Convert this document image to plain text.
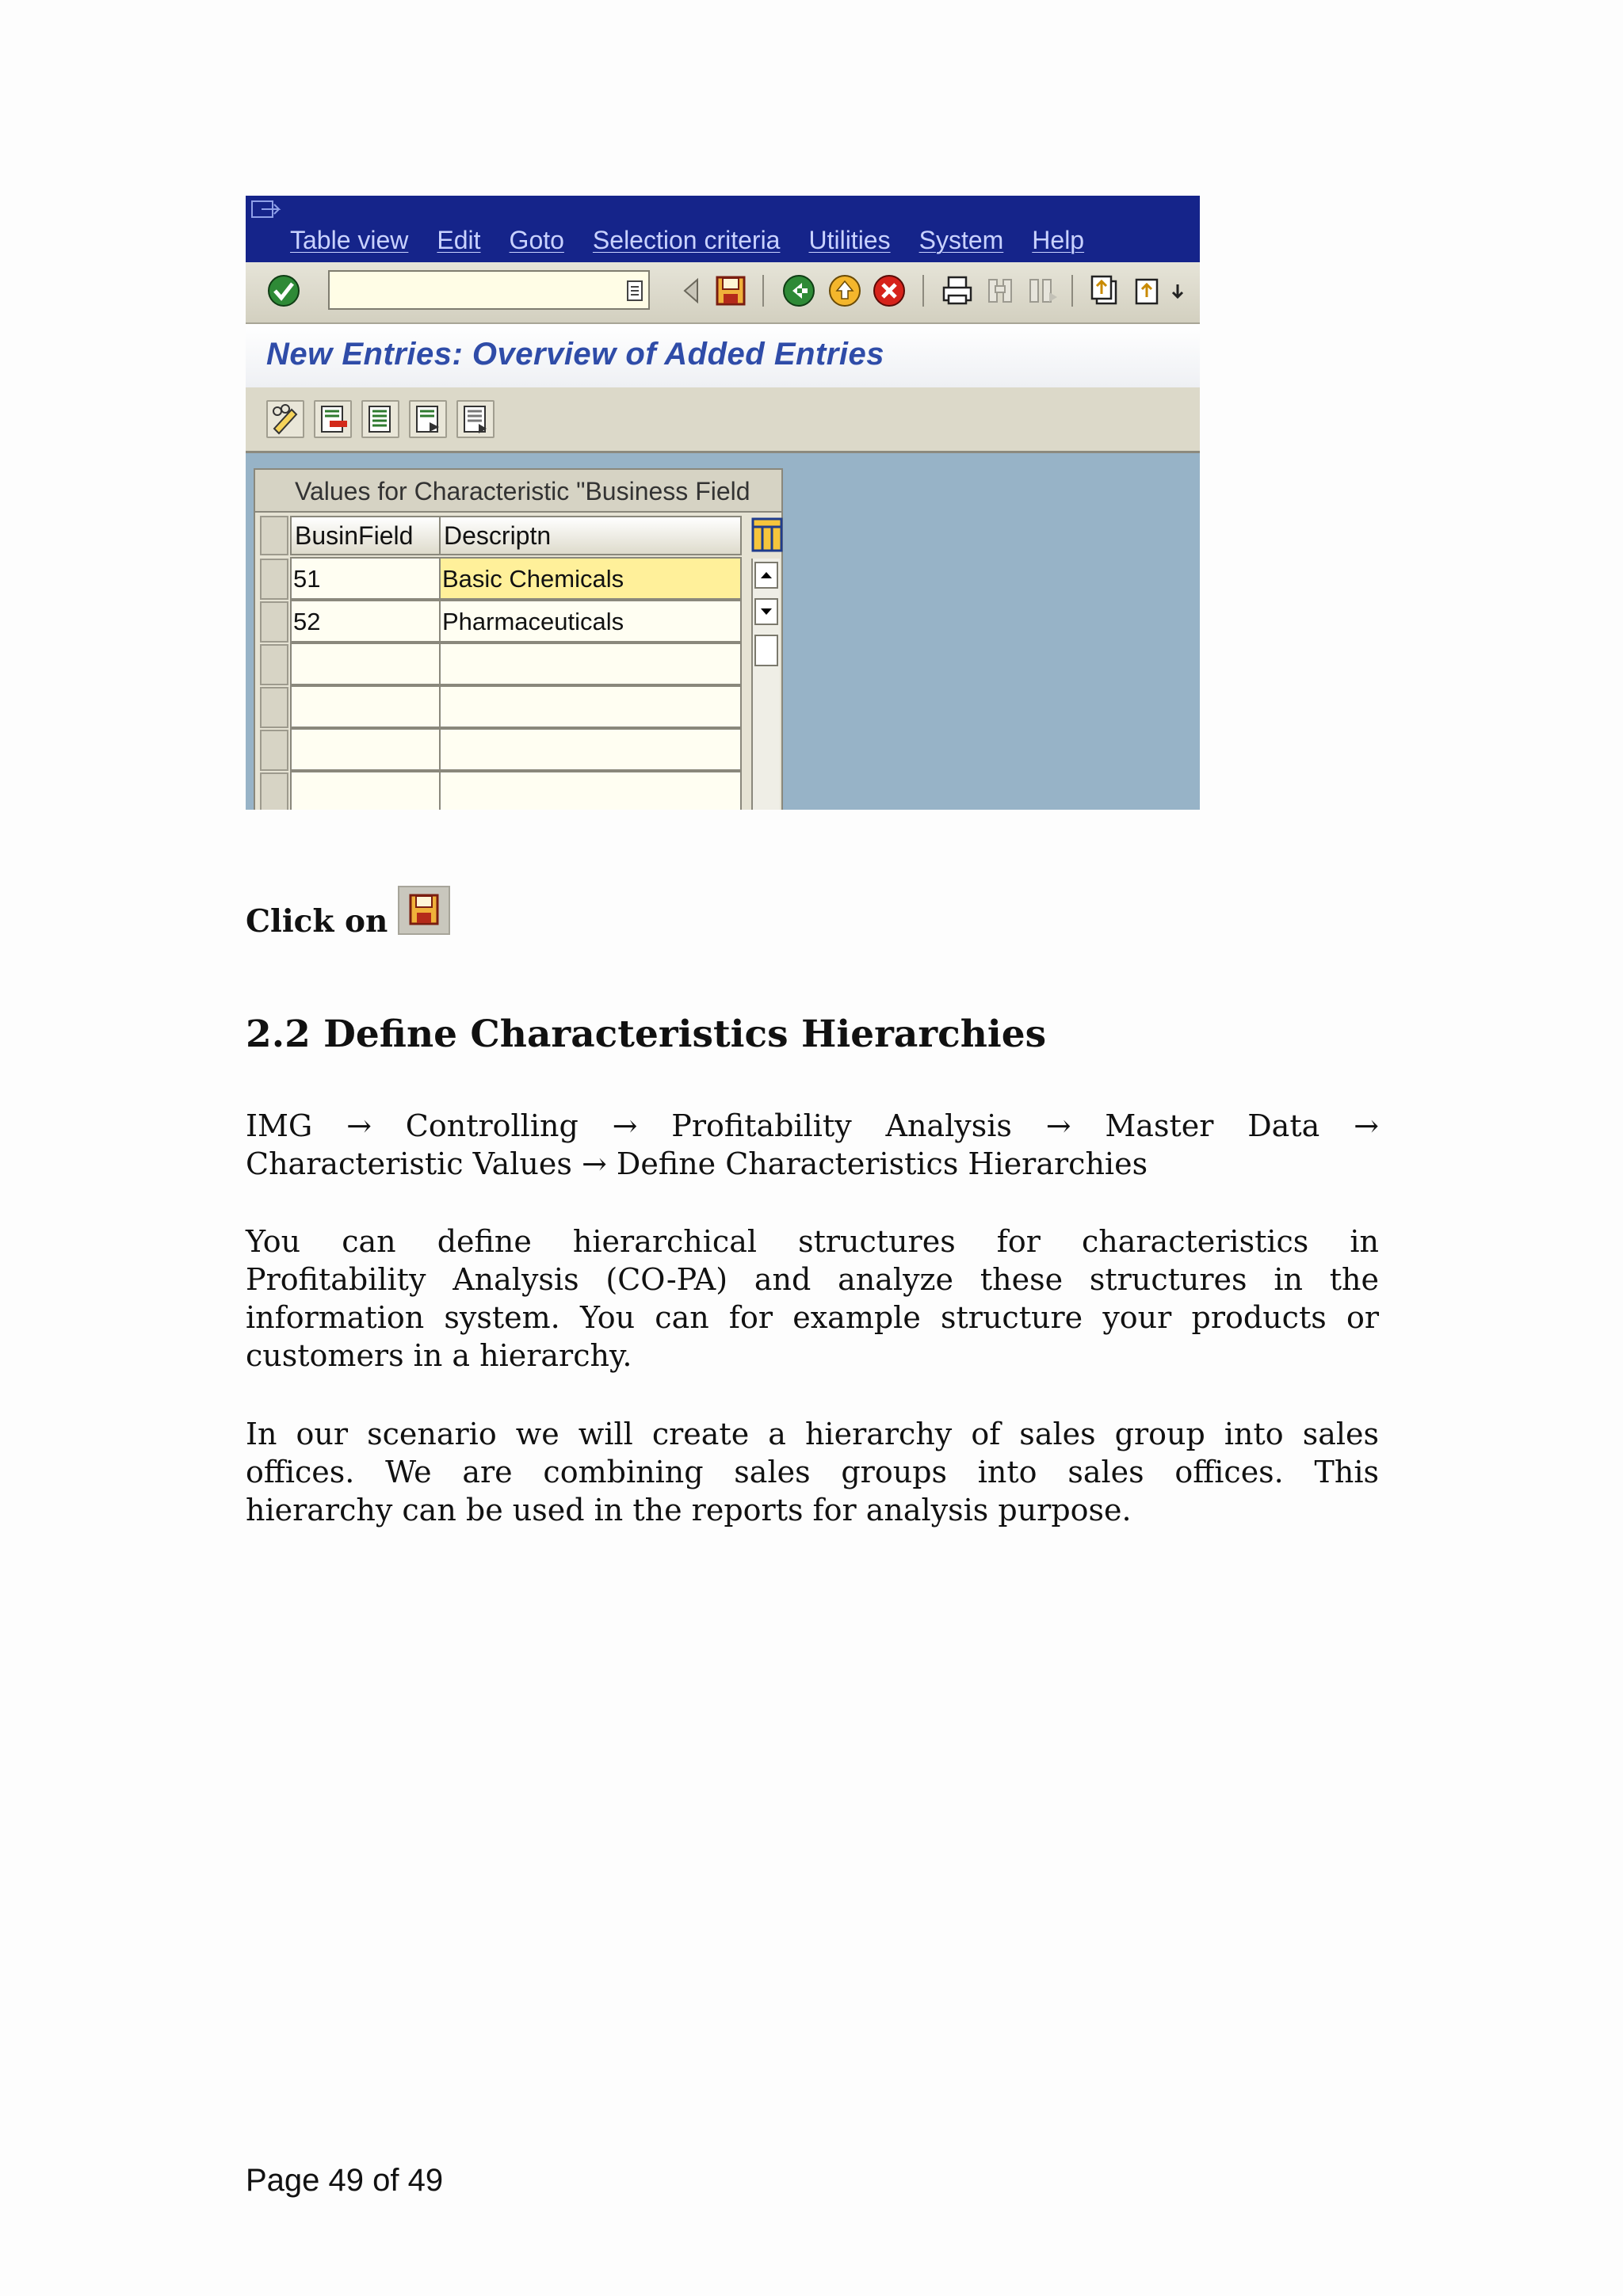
Table view	Edit	Goto	Selection criteria	Utilities	System	Help
New Entries: Overview of Added Entries
Values for Characteristic "Business Field
BusinField	Descriptn
51	Basic Chemicals
52	Pharmaceuticals
Click on
2.2 Define Characteristics Hierarchies
IMG → Controlling → Profitability Analysis → Master Data →
Characteristic Values → Define Characteristics Hierarchies
You can define hierarchical structures for characteristics in
Profitability Analysis (CO-PA) and analyze these structures in the
information system. You can for example structure your products or
customers in a hierarchy.
In our scenario we will create a hierarchy of sales group into sales
offices. We are combining sales groups into sales offices. This
hierarchy can be used in the reports for analysis purpose.
Page 49 of 49
